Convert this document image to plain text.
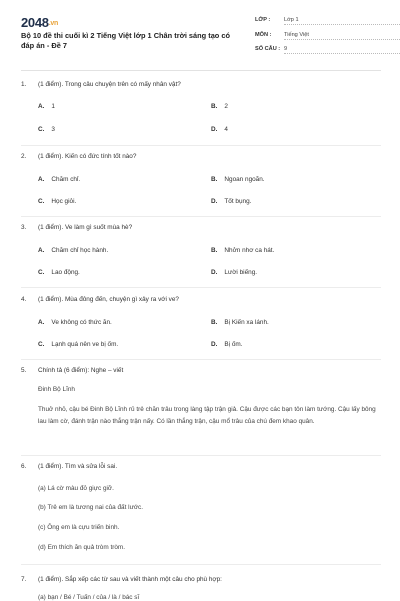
2048.vn
Bộ 10 đề thi cuối kì 2 Tiếng Việt lớp 1 Chân trời sáng tạo có đáp án - Đề 7
LỚP :	Lớp 1
MÔN :	Tiếng Việt
SỐ CÂU : 9
1. (1 điểm). Trong câu chuyện trên có mấy nhân vật?
A. 1	B. 2
C. 3	D. 4
2. (1 điểm). Kiến có đức tính tốt nào?
A. Chăm chỉ.	B. Ngoan ngoãn.
C. Học giỏi.	D. Tốt bụng.
3. (1 điểm). Ve làm gì suốt mùa hè?
A. Chăm chỉ học hành.	B. Nhởn nhơ ca hát.
C. Lao động.	D. Lười biếng.
4. (1 điểm). Mùa đông đến, chuyện gì xảy ra với ve?
A. Ve không có thức ăn.	B. Bị Kiến xa lánh.
C. Lạnh quá nên ve bị ốm.	D. Bị ốm.
5. Chính tả (6 điểm): Nghe – viết
Đinh Bộ Lĩnh
Thuở nhỏ, cậu bé Đinh Bộ Lĩnh rủ trẻ chăn trâu trong làng tập trận giả. Cậu được các bạn tôn làm tướng. Cậu lấy bông lau làm cờ, đánh trận nào thắng trận nấy. Có lần thắng trận, cậu mổ trâu của chú đem khao quân.
6. (1 điểm). Tìm và sửa lỗi sai.
(a) Lá cờ màu đỏ giực giỡ.
(b) Trẻ em là tương nai của đất lước.
(c) Ông em là cựu triến binh.
(d) Em thích ăn quả tròm tròm.
7. (1 điểm). Sắp xếp các từ sau và viết thành một câu cho phù hợp:
(a) bạn / Bé / Tuấn / của / là / bác sĩ
